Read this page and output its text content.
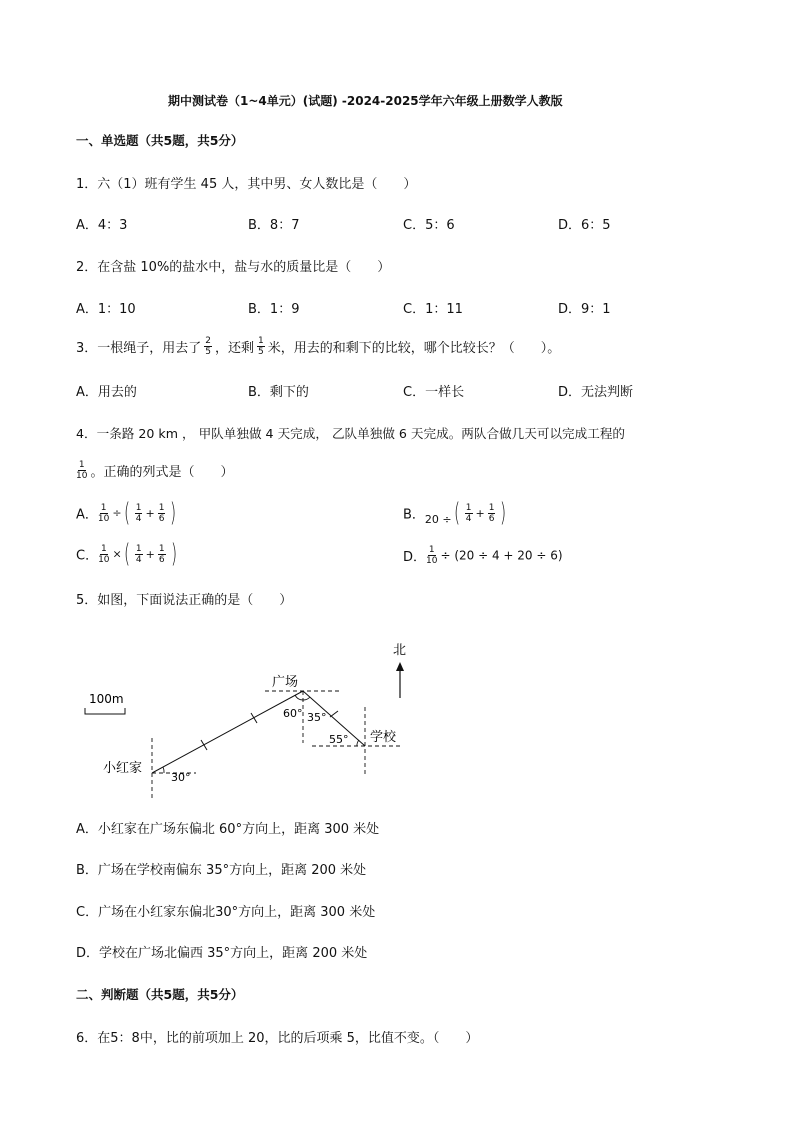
期中测试卷（1~4单元）(试题) -2024-2025学年六年级上册数学人教版
一、单选题（共5题，共5分）
1．六（1）班有学生 45 人，其中男、女人数比是（　　）
A．4：3	B．8：7	C．5：6	D．6：5
2．在含盐 10%的盐水中，盐与水的质量比是（　　）
A．1：10	B．1：9	C．1：11	D．9：1
3．一根绳子，用去了 $\frac{2}{5}$ ，还剩 $\frac{1}{5}$ 米，用去的和剩下的比较，哪个比较长？（　　）。
A．用去的	B．剩下的	C．一样长	D．无法判断
4．一条路 20 km ， 甲队单独做 4 天完成， 乙队单独做 6 天完成。两队合做几天可以完成工程的
$\frac{1}{10}$ 。正确的列式是（　　）
A． $\frac{1}{10}$ ÷ ( $\frac{1}{4} + \frac{1}{6}$ )	B．$_{20 \div}$ ( $\frac{1}{4} + \frac{1}{6}$ )
C． $\frac{1}{10}$ × ( $\frac{1}{4} + \frac{1}{6}$ )	D． $\frac{1}{10} \div (20 \div 4 + 20 \div 6)$
5．如图，下面说法正确的是（　　）
北
100m
广场
学校
小红家
60° 35°
55°
30°
A．小红家在广场东偏北 60°方向上，距离 300 米处
B．广场在学校南偏东 35°方向上，距离 200 米处
C．广场在小红家东偏北30°方向上，距离 300 米处
D．学校在广场北偏西 35°方向上，距离 200 米处
二、判断题（共5题，共5分）
6．在5：8中，比的前项加上 20，比的后项乘 5，比值不变。（　　）
